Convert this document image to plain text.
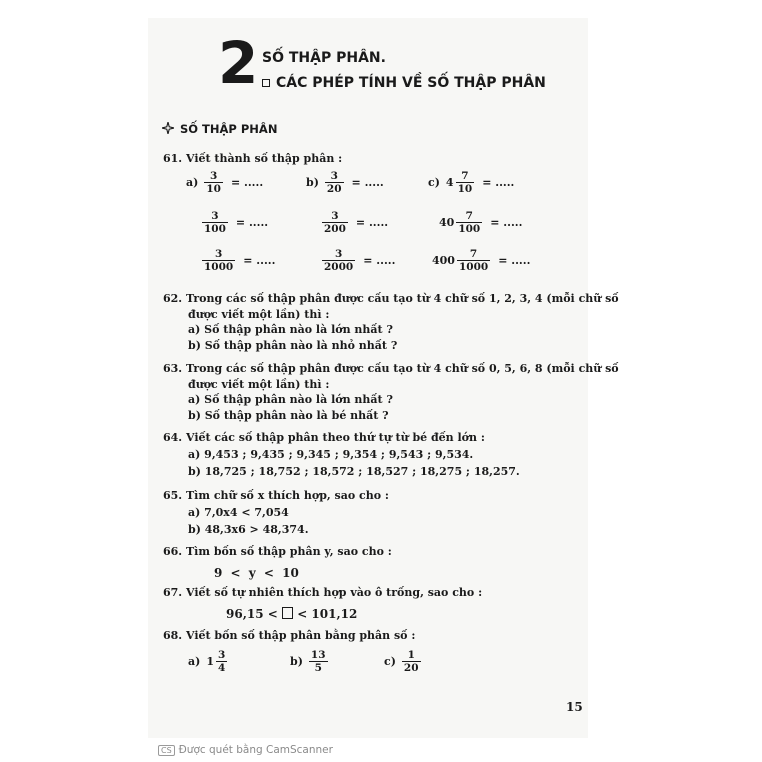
2 SỐ THẬP PHÂN.
CÁC PHÉP TÍNH VỀ SỐ THẬP PHÂN
SỐ THẬP PHÂN
61. Viết thành số thập phân :
$a) \frac{3}{10}$ = .....	$b) \frac{3}{20}$ = .....	c) $4 \frac{7}{10}$ = .....
$\frac{3}{100}$ = .....	$\frac{3}{200}$ = .....	$40 \frac{7}{100}$ = .....
$\frac{3}{1000}$ = .....	$\frac{3}{2000}$ = .....	$400 \frac{7}{1000}$ = .....
62. Trong các số thập phân được cấu tạo từ 4 chữ số 1, 2, 3, 4 (mỗi chữ số
được viết một lần) thì :
a) Số thập phân nào là lớn nhất ?
b) Số thập phân nào là nhỏ nhất ?
63. Trong các số thập phân được cấu tạo từ 4 chữ số 0, 5, 6, 8 (mỗi chữ số
được viết một lần) thì :
a) Số thập phân nào là lớn nhất ?
b) Số thập phân nào là bé nhất ?
64. Viết các số thập phân theo thứ tự từ bé đến lớn :
a) 9,453 ; 9,435 ; 9,345 ; 9,354 ; 9,543 ; 9,534.
b) 18,725 ; 18,752 ; 18,572 ; 18,527 ; 18,275 ; 18,257.
65. Tìm chữ số x thích hợp, sao cho :
a) 7,0x4 < 7,054
b) 48,3x6 > 48,374.
66. Tìm bốn số thập phân y, sao cho :
9 < y < 10
67. Viết số tự nhiên thích hợp vào ô trống, sao cho :
96,15 < < 101,12
68. Viết bốn số thập phân bằng phân số :
a) $1 \frac{3}{4}$	$b) \frac{13}{5}$	$c) \frac{1}{20}$
15
CS Được quét bằng CamScanner
